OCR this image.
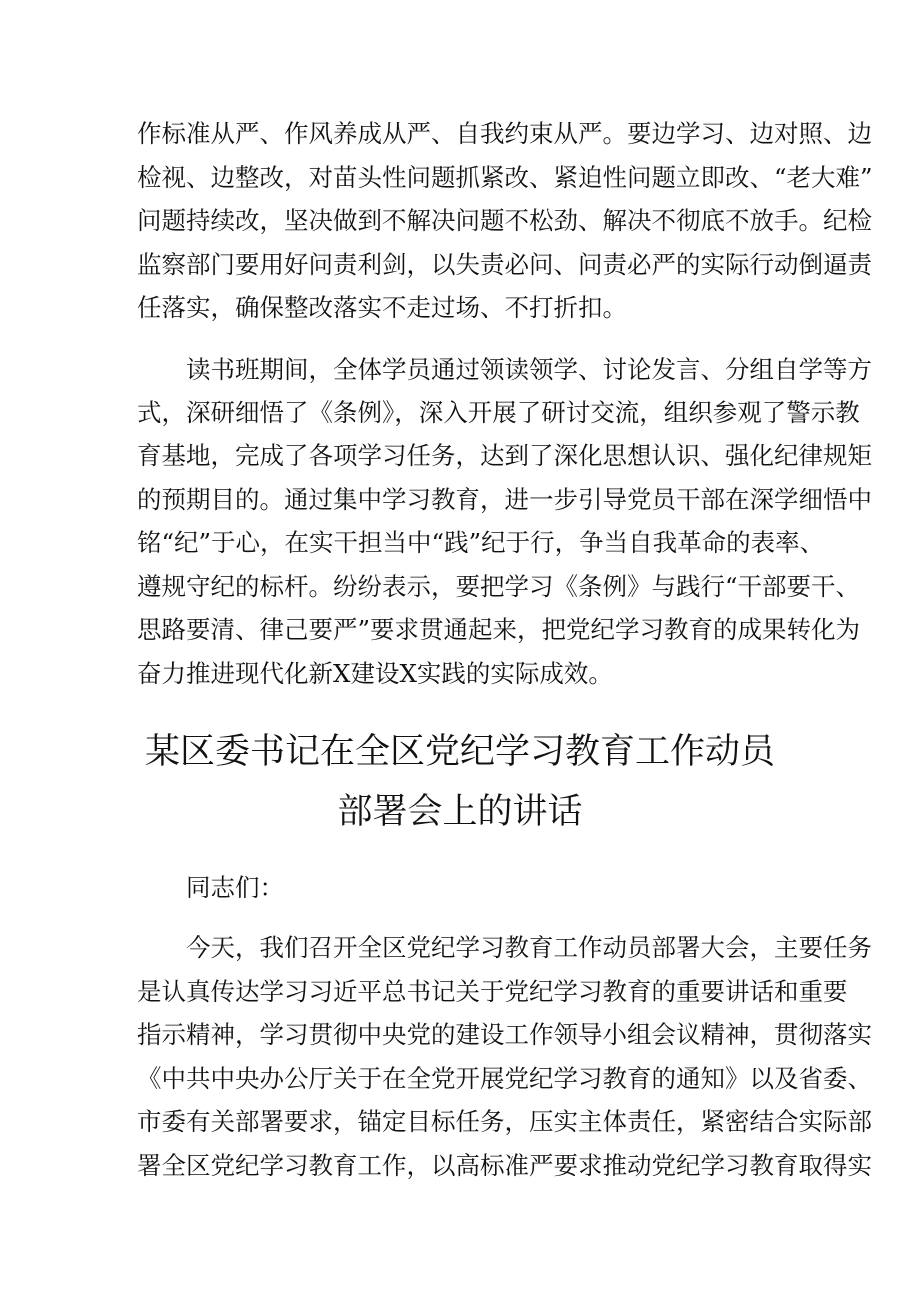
作标准从严、作风养成从严、自我约束从严。要边学习、边对照、边
检视、边整改，对苗头性问题抓紧改、紧迫性问题立即改、“老大难”
问题持续改，坚决做到不解决问题不松劲、解决不彻底不放手。纪检
监察部门要用好问责利剑，以失责必问、问责必严的实际行动倒逼责
任落实，确保整改落实不走过场、不打折扣。
读书班期间，全体学员通过领读领学、讨论发言、分组自学等方
式，深研细悟了《条例》，深入开展了研讨交流，组织参观了警示教
育基地，完成了各项学习任务，达到了深化思想认识、强化纪律规矩
的预期目的。通过集中学习教育，进一步引导党员干部在深学细悟中
铭“纪”于心，在实干担当中“践”纪于行，争当自我革命的表率、
遵规守纪的标杆。纷纷表示，要把学习《条例》与践行“干部要干、
思路要清、律己要严”要求贯通起来，把党纪学习教育的成果转化为
奋力推进现代化新X建设X实践的实际成效。
某区委书记在全区党纪学习教育工作动员
部署会上的讲话
同志们：
今天，我们召开全区党纪学习教育工作动员部署大会，主要任务
是认真传达学习习近平总书记关于党纪学习教育的重要讲话和重要
指示精神，学习贯彻中央党的建设工作领导小组会议精神，贯彻落实
《中共中央办公厅关于在全党开展党纪学习教育的通知》以及省委、
市委有关部署要求，锚定目标任务，压实主体责任，紧密结合实际部
署全区党纪学习教育工作，以高标准严要求推动党纪学习教育取得实
